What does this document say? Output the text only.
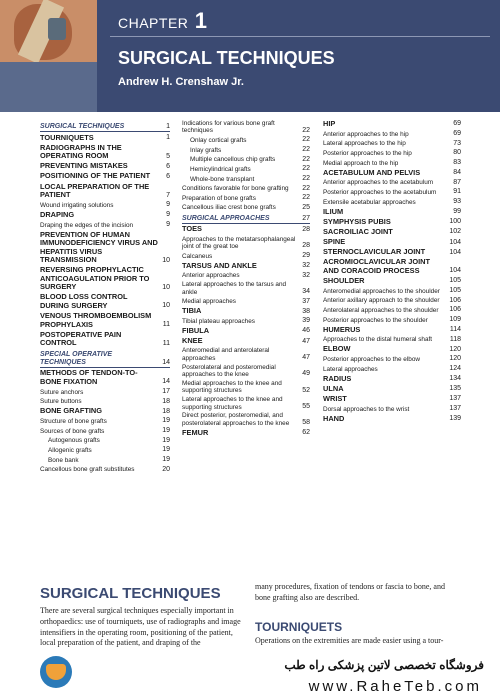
CHAPTER 1
SURGICAL TECHNIQUES
Andrew H. Crenshaw Jr.
SURGICAL TECHNIQUES	1
TOURNIQUETS	1
RADIOGRAPHS IN THE OPERATING ROOM	5
PREVENTING MISTAKES	6
POSITIONING OF THE PATIENT	6
LOCAL PREPARATION OF THE PATIENT	7
Wound irrigating solutions	9
DRAPING	9
Draping the edges of the incision	9
PREVENTION OF HUMAN IMMUNODEFICIENCY VIRUS AND HEPATITIS VIRUS TRANSMISSION	10
REVERSING PROPHYLACTIC ANTICOAGULATION PRIOR TO SURGERY	10
BLOOD LOSS CONTROL DURING SURGERY	10
VENOUS THROMBOEMBOLISM PROPHYLAXIS	11
POSTOPERATIVE PAIN CONTROL	11
SPECIAL OPERATIVE TECHNIQUES	14
METHODS OF TENDON-TO-BONE FIXATION	14
Suture anchors	17
Suture buttons	18
BONE GRAFTING	18
Structure of bone grafts	19
Sources of bone grafts	19
Autogenous grafts	19
Allogenic grafts	19
Bone bank	19
Cancellous bone graft substitutes	20
Indications for various bone graft techniques	22
Onlay cortical grafts	22
Inlay grafts	22
Multiple cancellous chip grafts	22
Hemicylindrical grafts	22
Whole-bone transplant	22
Conditions favorable for bone grafting	22
Preparation of bone grafts	22
Cancellous iliac crest bone grafts	25
SURGICAL APPROACHES	27
TOES	28
Approaches to the metatarsophalangeal joint of the great toe	28
Calcaneus	29
TARSUS AND ANKLE	32
Anterior approaches	32
Lateral approaches to the tarsus and ankle	34
Medial approaches	37
TIBIA	38
Tibial plateau approaches	39
FIBULA	46
KNEE	47
Anteromedial and anterolateral approaches	47
Posterolateral and posteromedial approaches to the knee	49
Medial approaches to the knee and supporting structures	52
Lateral approaches to the knee and supporting structures	55
Direct posterior, posteromedial, and posterolateral approaches to the knee	58
FEMUR	62
HIP	69
Anterior approaches to the hip	69
Lateral approaches to the hip	73
Posterior approaches to the hip	80
Medial approach to the hip	83
ACETABULUM AND PELVIS	84
Anterior approaches to the acetabulum	87
Posterior approaches to the acetabulum	91
Extensile acetabular approaches	93
ILIUM	99
SYMPHYSIS PUBIS	100
SACROILIAC JOINT	102
SPINE	104
STERNOCLAVICULAR JOINT	104
ACROMIOCLAVICULAR JOINT AND CORACOID PROCESS	104
SHOULDER	105
Anteromedial approaches to the shoulder	105
Anterior axillary approach to the shoulder	106
Anterolateral approaches to the shoulder	106
Posterior approaches to the shoulder	109
HUMERUS	114
Approaches to the distal humeral shaft	118
ELBOW	120
Posterior approaches to the elbow	120
Lateral approaches	124
RADIUS	134
ULNA	135
WRIST	137
Dorsal approaches to the wrist	137
HAND	139
SURGICAL TECHNIQUES
There are several surgical techniques especially important in orthopaedics: use of tourniquets, use of radiographs and image intensifiers in the operating room, positioning of the patient, local preparation of the patient, and draping of the
many procedures, fixation of tendons or fascia to bone, and bone grafting also are described.
TOURNIQUETS
Operations on the extremities are made easier using a tour-
فروشگاه تخصصی لاتین پزشکی راه طب
www.RaheTeb.com
